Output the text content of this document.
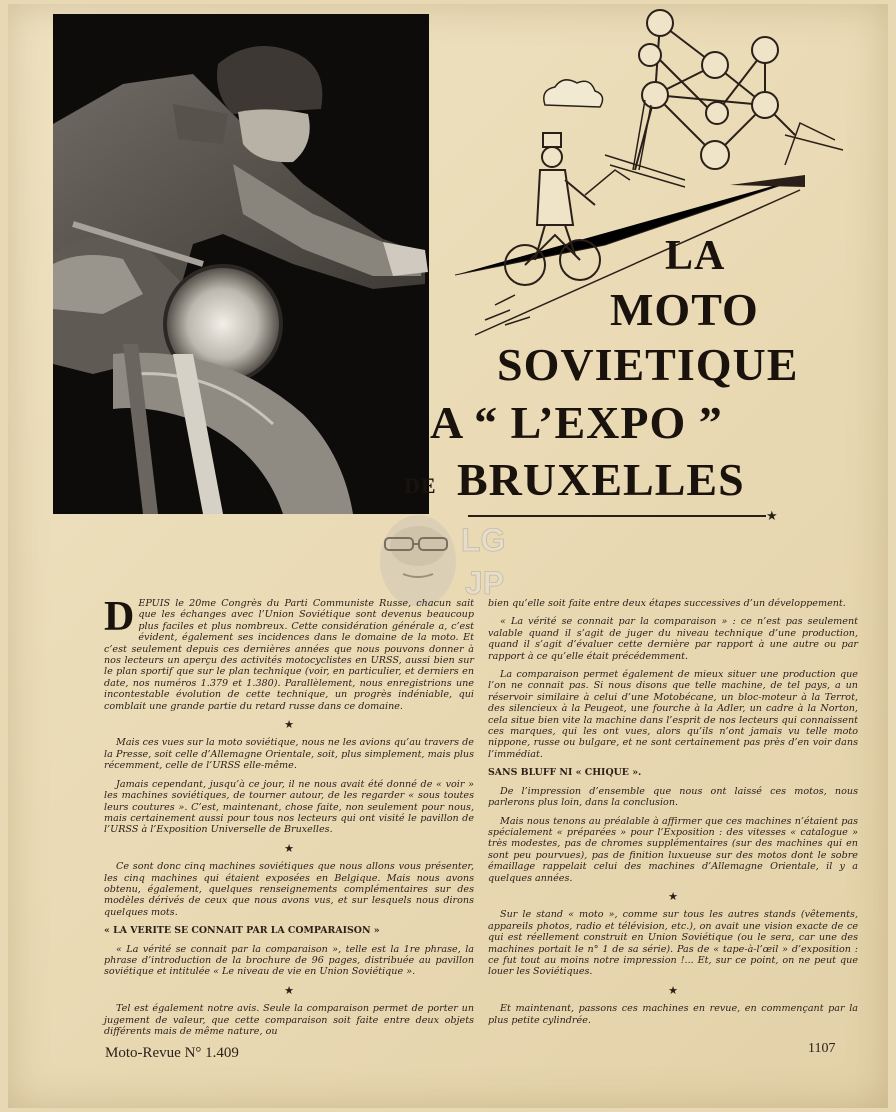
LA
MOTO
SOVIETIQUE
A “ L’EXPO ”
DE BRUXELLES
★
LG
JP

DEPUIS le 20me Congrès du Parti Communiste Russe, chacun sait que les échanges avec l’Union Soviétique sont devenus beaucoup plus faciles et plus nombreux. Cette considération générale a, c’est évident, également ses incidences dans le domaine de la moto. Et c’est seulement depuis ces dernières années que nous pouvons donner à nos lecteurs un aperçu des activités motocyclistes en URSS, aussi bien sur le plan sportif que sur le plan technique (voir, en particulier, et derniers en date, nos numéros 1.379 et 1.380). Parallèlement, nous enregistrions une incontestable évolution de cette technique, un progrès indéniable, qui comblait une grande partie du retard russe dans ce domaine.

★

Mais ces vues sur la moto soviétique, nous ne les avions qu’au travers de la Presse, soit celle d’Allemagne Orientale, soit, plus simplement, mais plus récemment, celle de l’URSS elle-même.

Jamais cependant, jusqu’à ce jour, il ne nous avait été donné de « voir » les machines soviétiques, de tourner autour, de les regarder « sous toutes leurs coutures ». C’est, maintenant, chose faite, non seulement pour nous, mais certainement aussi pour tous nos lecteurs qui ont visité le pavillon de l’URSS à l’Exposition Universelle de Bruxelles.

★

Ce sont donc cinq machines soviétiques que nous allons vous présenter, les cinq machines qui étaient exposées en Belgique. Mais nous avons obtenu, également, quelques renseignements complémentaires sur des modèles dérivés de ceux que nous avons vus, et sur lesquels nous dirons quelques mots.

« LA VERITE SE CONNAIT PAR LA COMPARAISON »

« La vérité se connait par la comparaison », telle est la 1re phrase, la phrase d’introduction de la brochure de 96 pages, distribuée au pavillon soviétique et intitulée « Le niveau de vie en Union Soviétique ».

★

Tel est également notre avis. Seule la comparaison permet de porter un jugement de valeur, que cette comparaison soit faite entre deux objets différents mais de même nature, ou

bien qu’elle soit faite entre deux étapes successives d’un développement.

« La vérité se connait par la comparaison » : ce n’est pas seulement valable quand il s’agit de juger du niveau technique d’une production, quand il s’agit d’évaluer cette dernière par rapport à une autre ou par rapport à ce qu’elle était précédemment.

La comparaison permet également de mieux situer une production que l’on ne connait pas. Si nous disons que telle machine, de tel pays, a un réservoir similaire à celui d’une Motobécane, un bloc-moteur à la Terrot, des silencieux à la Peugeot, une fourche à la Adler, un cadre à la Norton, cela situe bien vite la machine dans l’esprit de nos lecteurs qui connaissent ces marques, qui les ont vues, alors qu’ils n’ont jamais vu telle moto nippone, russe ou bulgare, et ne sont certainement pas près d’en voir dans l’immédiat.

SANS BLUFF NI « CHIQUE ».

De l’impression d’ensemble que nous ont laissé ces motos, nous parlerons plus loin, dans la conclusion.

Mais nous tenons au préalable à affirmer que ces machines n’étaient pas spécialement « préparées » pour l’Exposition : des vitesses « catalogue » très modestes, pas de chromes supplémentaires (sur des machines qui en sont peu pourvues), pas de finition luxueuse sur des motos dont le sobre émaillage rappelait celui des machines d’Allemagne Orientale, il y a quelques années.

★

Sur le stand « moto », comme sur tous les autres stands (vêtements, appareils photos, radio et télévision, etc.), on avait une vision exacte de ce qui est réellement construit en Union Soviétique (ou le sera, car une des machines portait le n° 1 de sa série). Pas de « tape-à-l’œil » d’exposition : ce fut tout au moins notre impression !... Et, sur ce point, on ne peut que louer les Soviétiques.

★

Et maintenant, passons ces machines en revue, en commençant par la plus petite cylindrée.

Moto-Revue N° 1.409	1107
